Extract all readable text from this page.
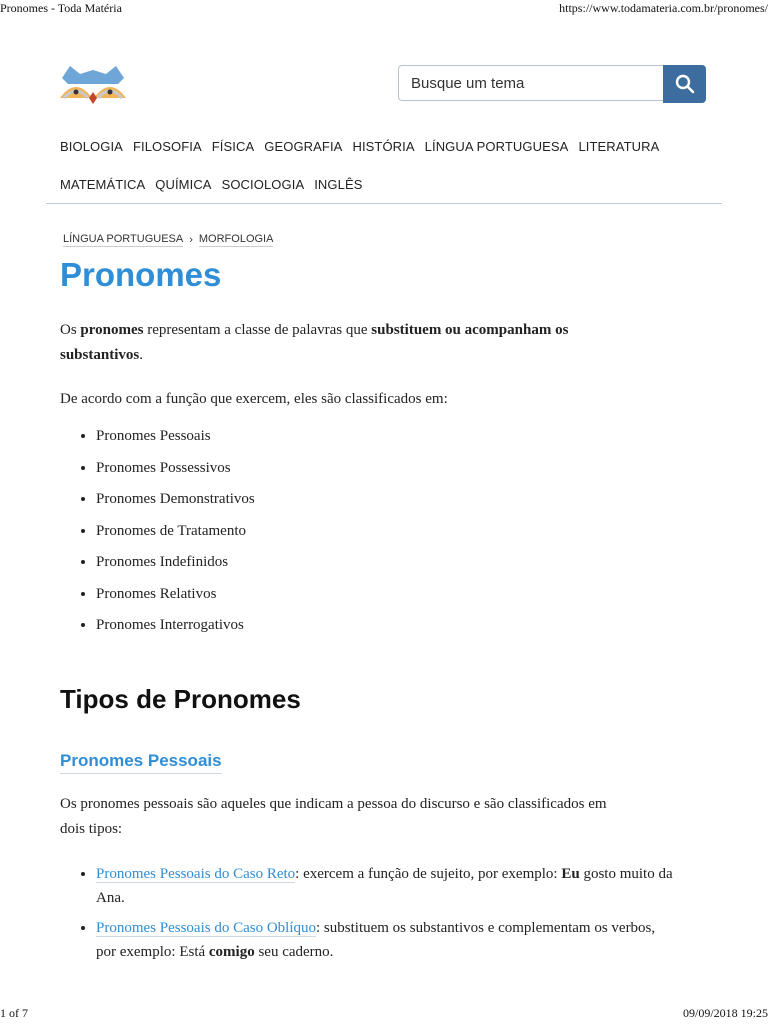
Pronomes - Toda Matéria	https://www.todamateria.com.br/pronomes/
Busque um tema
BIOLOGIA FILOSOFIA FÍSICA GEOGRAFIA HISTÓRIA LÍNGUA PORTUGUESA LITERATURA
MATEMÁTICA QUÍMICA SOCIOLOGIA INGLÊS
LÍNGUA PORTUGUESA › MORFOLOGIA
Pronomes

Os pronomes representam a classe de palavras que substituem ou acompanham os substantivos.

De acordo com a função que exercem, eles são classificados em:

• Pronomes Pessoais
• Pronomes Possessivos
• Pronomes Demonstrativos
• Pronomes de Tratamento
• Pronomes Indefinidos
• Pronomes Relativos
• Pronomes Interrogativos
Tipos de Pronomes
Pronomes Pessoais

Os pronomes pessoais são aqueles que indicam a pessoa do discurso e são classificados em dois tipos:

• Pronomes Pessoais do Caso Reto: exercem a função de sujeito, por exemplo: Eu gosto muito da Ana.
• Pronomes Pessoais do Caso Oblíquo: substituem os substantivos e complementam os verbos, por exemplo: Está comigo seu caderno.
1 of 7	09/09/2018 19:25
